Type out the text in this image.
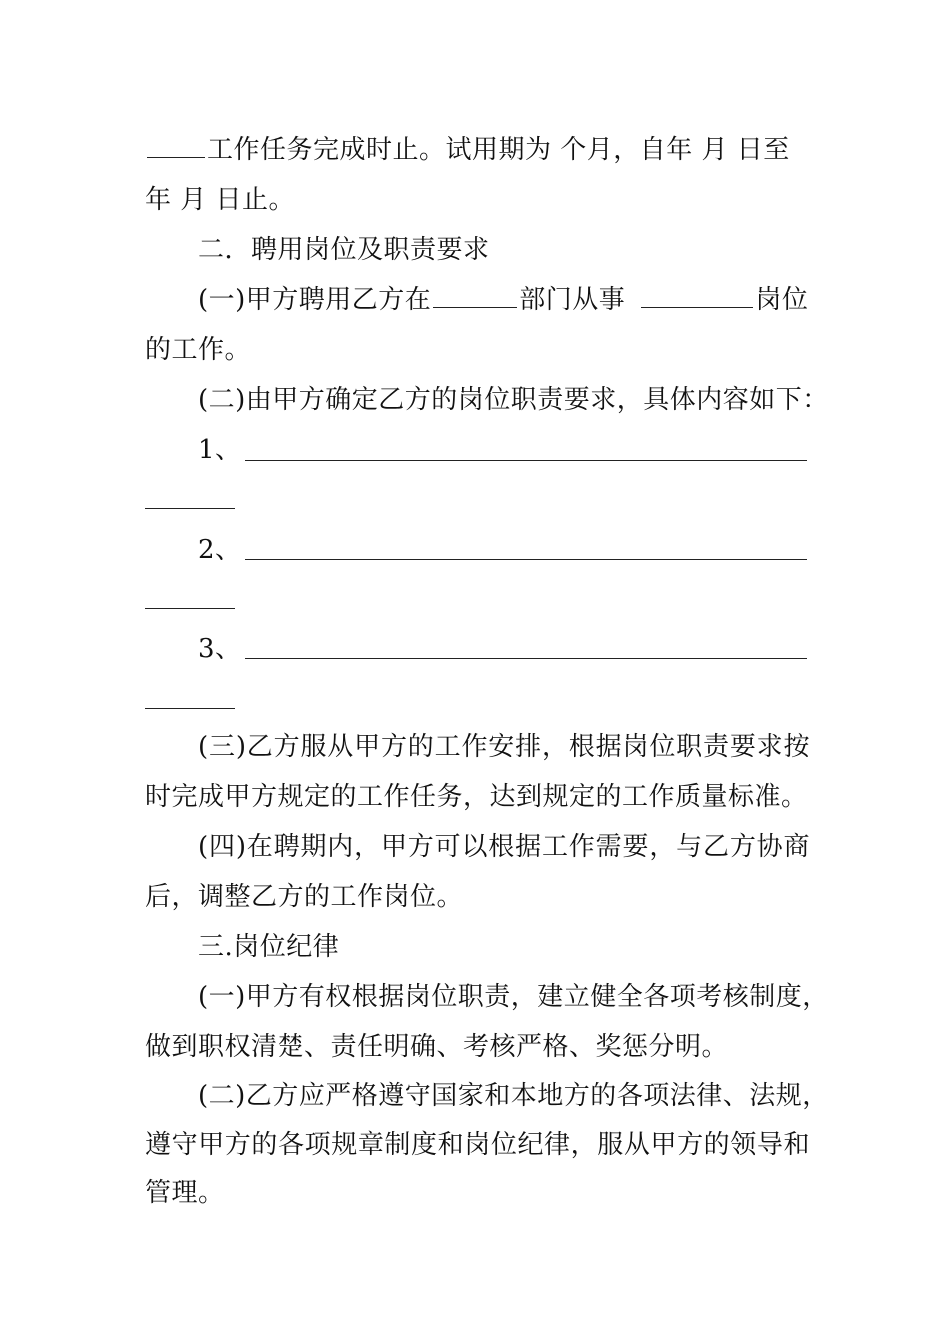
工作任务完成时止。试用期为 个月，自年 月 日至
年 月 日止。
二．聘用岗位及职责要求
(一)甲方聘用乙方在	部门从事	岗位
的工作。
(二)由甲方确定乙方的岗位职责要求，具体内容如下：
1、
2、
3、
(三)乙方服从甲方的工作安排，根据岗位职责要求按
时完成甲方规定的工作任务，达到规定的工作质量标准。
(四)在聘期内，甲方可以根据工作需要，与乙方协商
后，调整乙方的工作岗位。
三.岗位纪律
(一)甲方有权根据岗位职责，建立健全各项考核制度，
做到职权清楚、责任明确、考核严格、奖惩分明。
(二)乙方应严格遵守国家和本地方的各项法律、法规，
遵守甲方的各项规章制度和岗位纪律，服从甲方的领导和
管理。
